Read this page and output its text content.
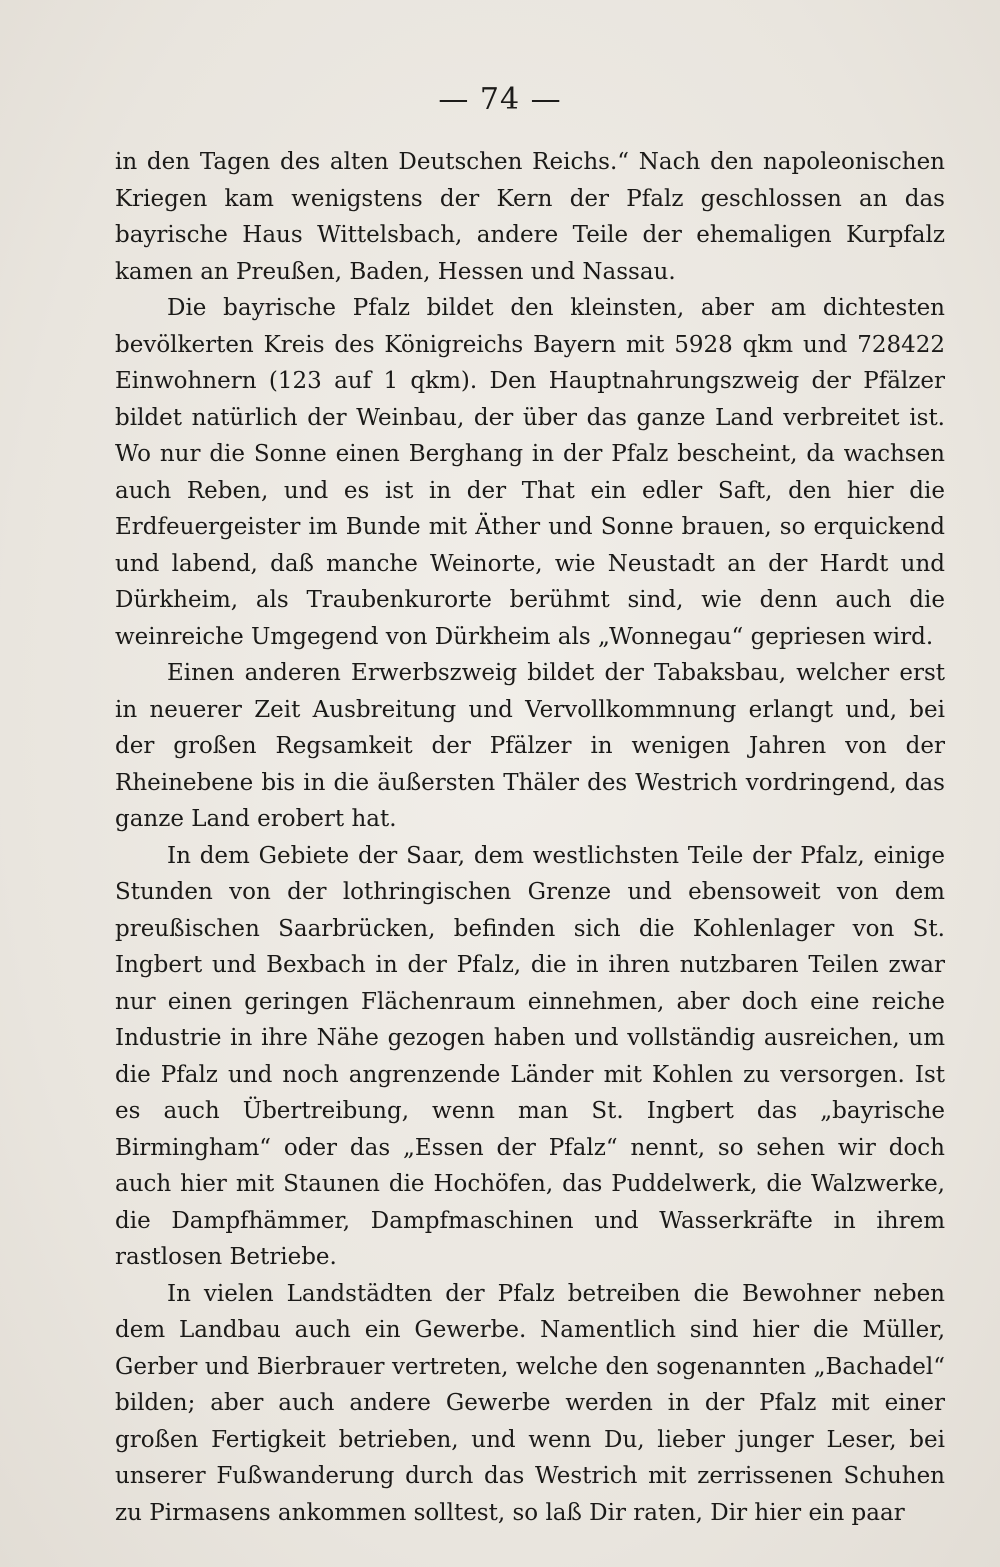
— 74 —

in den Tagen des alten Deutschen Reichs.“ Nach den napoleonischen Kriegen kam wenigstens der Kern der Pfalz geschlossen an das bayrische Haus Wittelsbach, andere Teile der ehemaligen Kurpfalz kamen an Preußen, Baden, Hessen und Nassau.

Die bayrische Pfalz bildet den kleinsten, aber am dichtesten bevölkerten Kreis des Königreichs Bayern mit 5928 qkm und 728422 Einwohnern (123 auf 1 qkm). Den Hauptnahrungszweig der Pfälzer bildet natürlich der Weinbau, der über das ganze Land verbreitet ist. Wo nur die Sonne einen Berghang in der Pfalz bescheint, da wachsen auch Reben, und es ist in der That ein edler Saft, den hier die Erdfeuergeister im Bunde mit Äther und Sonne brauen, so erquickend und labend, daß manche Weinorte, wie Neustadt an der Hardt und Dürkheim, als Traubenkurorte berühmt sind, wie denn auch die weinreiche Umgegend von Dürkheim als „Wonnegau“ gepriesen wird.

Einen anderen Erwerbszweig bildet der Tabaksbau, welcher erst in neuerer Zeit Ausbreitung und Vervollkommnung erlangt und, bei der großen Regsamkeit der Pfälzer in wenigen Jahren von der Rheinebene bis in die äußersten Thäler des Westrich vordringend, das ganze Land erobert hat.

In dem Gebiete der Saar, dem westlichsten Teile der Pfalz, einige Stunden von der lothringischen Grenze und ebensoweit von dem preußischen Saarbrücken, befinden sich die Kohlenlager von St. Ingbert und Bexbach in der Pfalz, die in ihren nutzbaren Teilen zwar nur einen geringen Flächenraum einnehmen, aber doch eine reiche Industrie in ihre Nähe gezogen haben und vollständig ausreichen, um die Pfalz und noch angrenzende Länder mit Kohlen zu versorgen. Ist es auch Übertreibung, wenn man St. Ingbert das „bayrische Birmingham“ oder das „Essen der Pfalz“ nennt, so sehen wir doch auch hier mit Staunen die Hochöfen, das Puddelwerk, die Walzwerke, die Dampfhämmer, Dampfmaschinen und Wasserkräfte in ihrem rastlosen Betriebe.

In vielen Landstädten der Pfalz betreiben die Bewohner neben dem Landbau auch ein Gewerbe. Namentlich sind hier die Müller, Gerber und Bierbrauer vertreten, welche den sogenannten „Bachadel“ bilden; aber auch andere Gewerbe werden in der Pfalz mit einer großen Fertigkeit betrieben, und wenn Du, lieber junger Leser, bei unserer Fußwanderung durch das Westrich mit zerrissenen Schuhen zu Pirmasens ankommen solltest, so laß Dir raten, Dir hier ein paar
